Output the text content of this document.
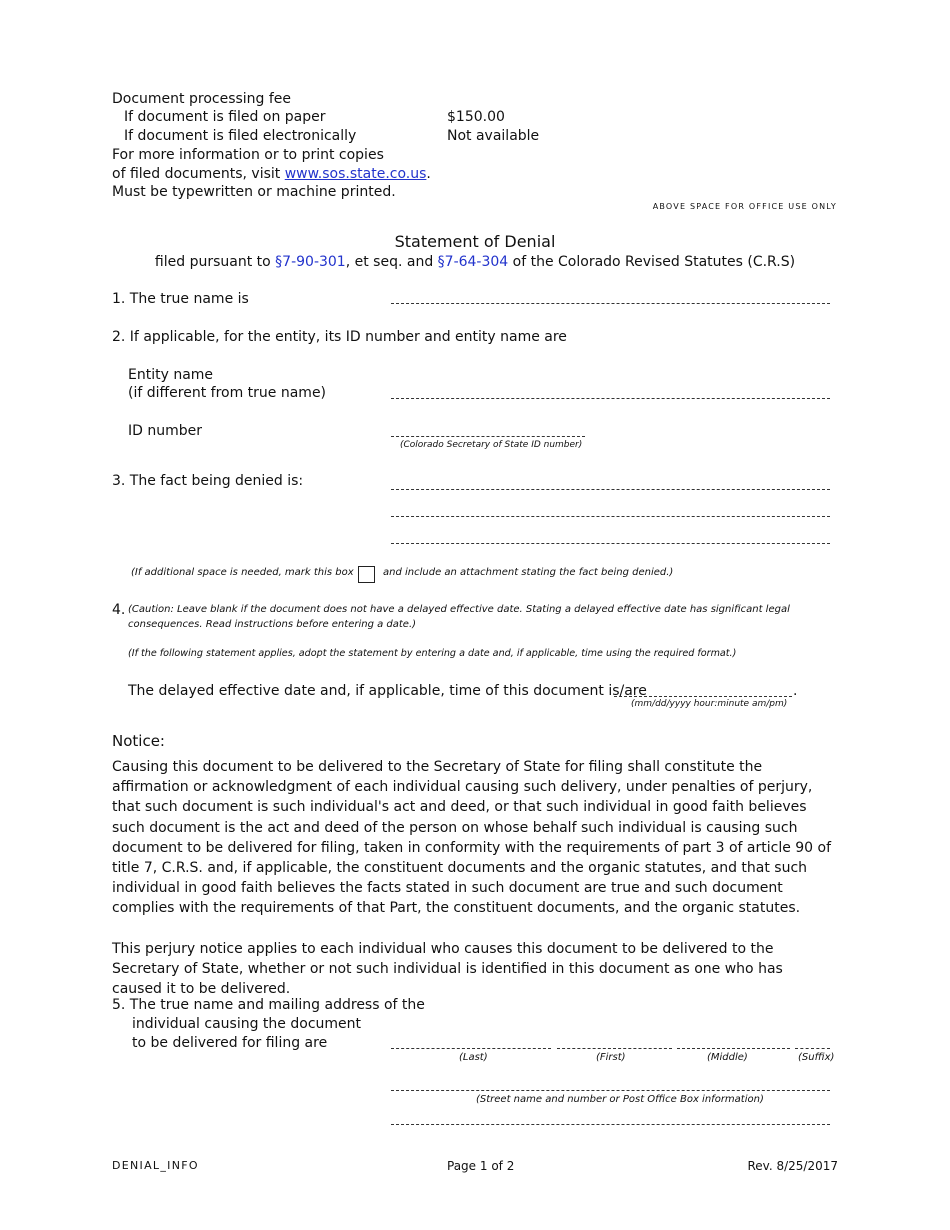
Document processing fee
If document is filed on paper	$150.00
If document is filed electronically	Not available
For more information or to print copies
of filed documents, visit www.sos.state.co.us.
Must be typewritten or machine printed.
ABOVE SPACE FOR OFFICE USE ONLY
Statement of Denial
filed pursuant to §7-90-301, et seq. and §7-64-304 of the Colorado Revised Statutes (C.R.S)
1. The true name is
2. If applicable, for the entity, its ID number and entity name are
Entity name
(if different from true name)
ID number
(Colorado Secretary of State ID number)
3. The fact being denied is:
(If additional space is needed, mark this box	and include an attachment stating the fact being denied.)
4. (Caution: Leave blank if the document does not have a delayed effective date. Stating a delayed effective date has significant legal
consequences. Read instructions before entering a date.)
(If the following statement applies, adopt the statement by entering a date and, if applicable, time using the required format.)
The delayed effective date and, if applicable, time of this document is/are	.
(mm/dd/yyyy hour:minute am/pm)
Notice:
Causing this document to be delivered to the Secretary of State for filing shall constitute the affirmation or acknowledgment of each individual causing such delivery, under penalties of perjury, that such document is such individual's act and deed, or that such individual in good faith believes such document is the act and deed of the person on whose behalf such individual is causing such document to be delivered for filing, taken in conformity with the requirements of part 3 of article 90 of title 7, C.R.S. and, if applicable, the constituent documents and the organic statutes, and that such individual in good faith believes the facts stated in such document are true and such document complies with the requirements of that Part, the constituent documents, and the organic statutes.
This perjury notice applies to each individual who causes this document to be delivered to the Secretary of State, whether or not such individual is identified in this document as one who has caused it to be delivered.
5. The true name and mailing address of the
individual causing the document
to be delivered for filing are
(Last)	(First)	(Middle)	(Suffix)
(Street name and number or Post Office Box information)
DENIAL_INFO	Page 1 of 2	Rev. 8/25/2017
